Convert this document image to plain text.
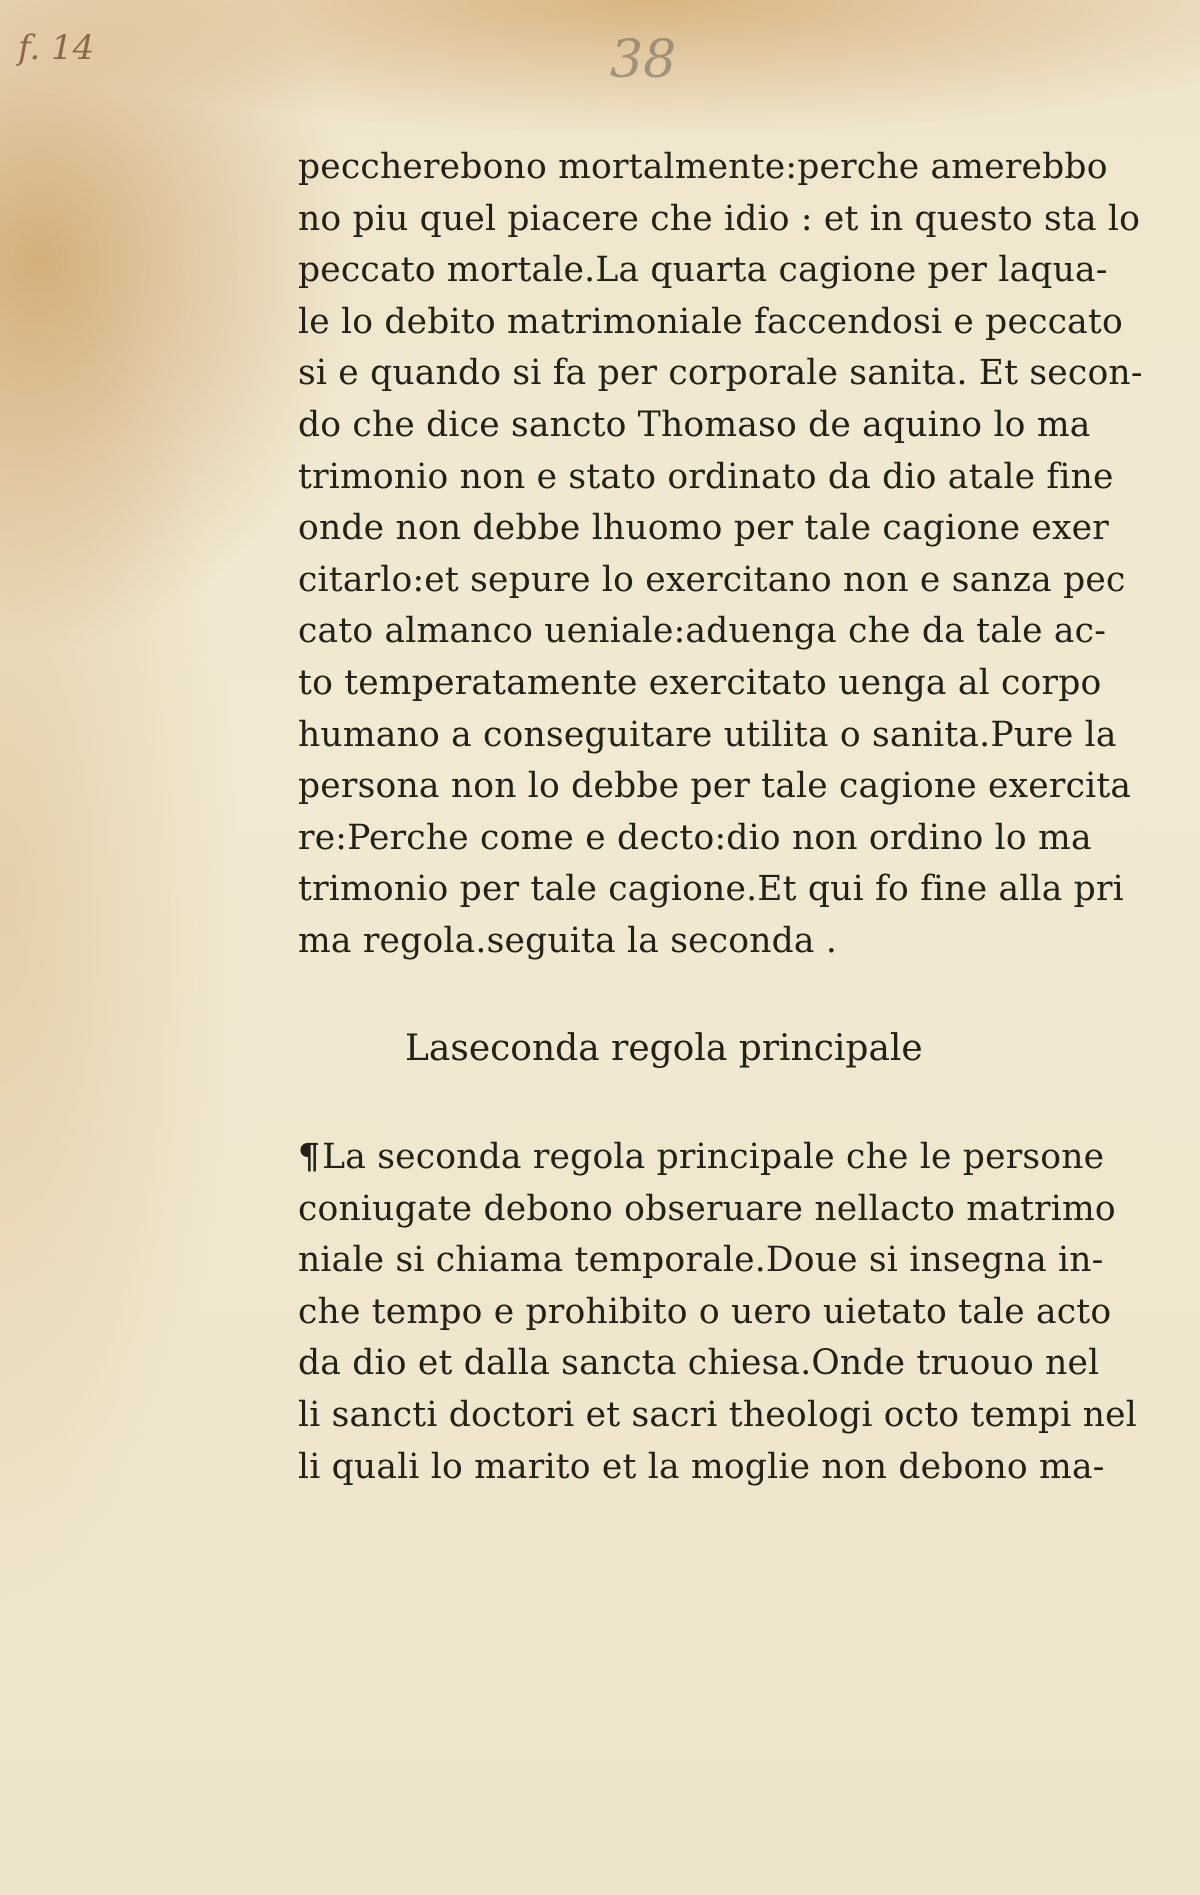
f. 14	38
peccherebono mortalmente:perche amerebbo
no piu quel piacere che idio : et in questo sta lo
peccato mortale.La quarta cagione per laqua-
le lo debito matrimoniale faccendosi e peccato
si e quando si fa per corporale sanita. Et secon-
do che dice sancto Thomaso de aquino lo ma
trimonio non e stato ordinato da dio atale fine
onde non debbe lhuomo per tale cagione exer
citarlo:et sepure lo exercitano non e sanza pec
cato almanco ueniale:aduenga che da tale ac-
to temperatamente exercitato uenga al corpo
humano a conseguitare utilita o sanita.Pure la
persona non lo debbe per tale cagione exercita
re:Perche come e decto:dio non ordino lo ma
trimonio per tale cagione.Et qui fo fine alla pri
ma regola.seguita la seconda .
Laseconda regola principale
¶La seconda regola principale che le persone
coniugate debono obseruare nellacto matrimo
niale si chiama temporale.Doue si insegna in-
che tempo e prohibito o uero uietato tale acto
da dio et dalla sancta chiesa.Onde truouo nel
li sancti doctori et sacri theologi octo tempi nel
li quali lo marito et la moglie non debono ma-
